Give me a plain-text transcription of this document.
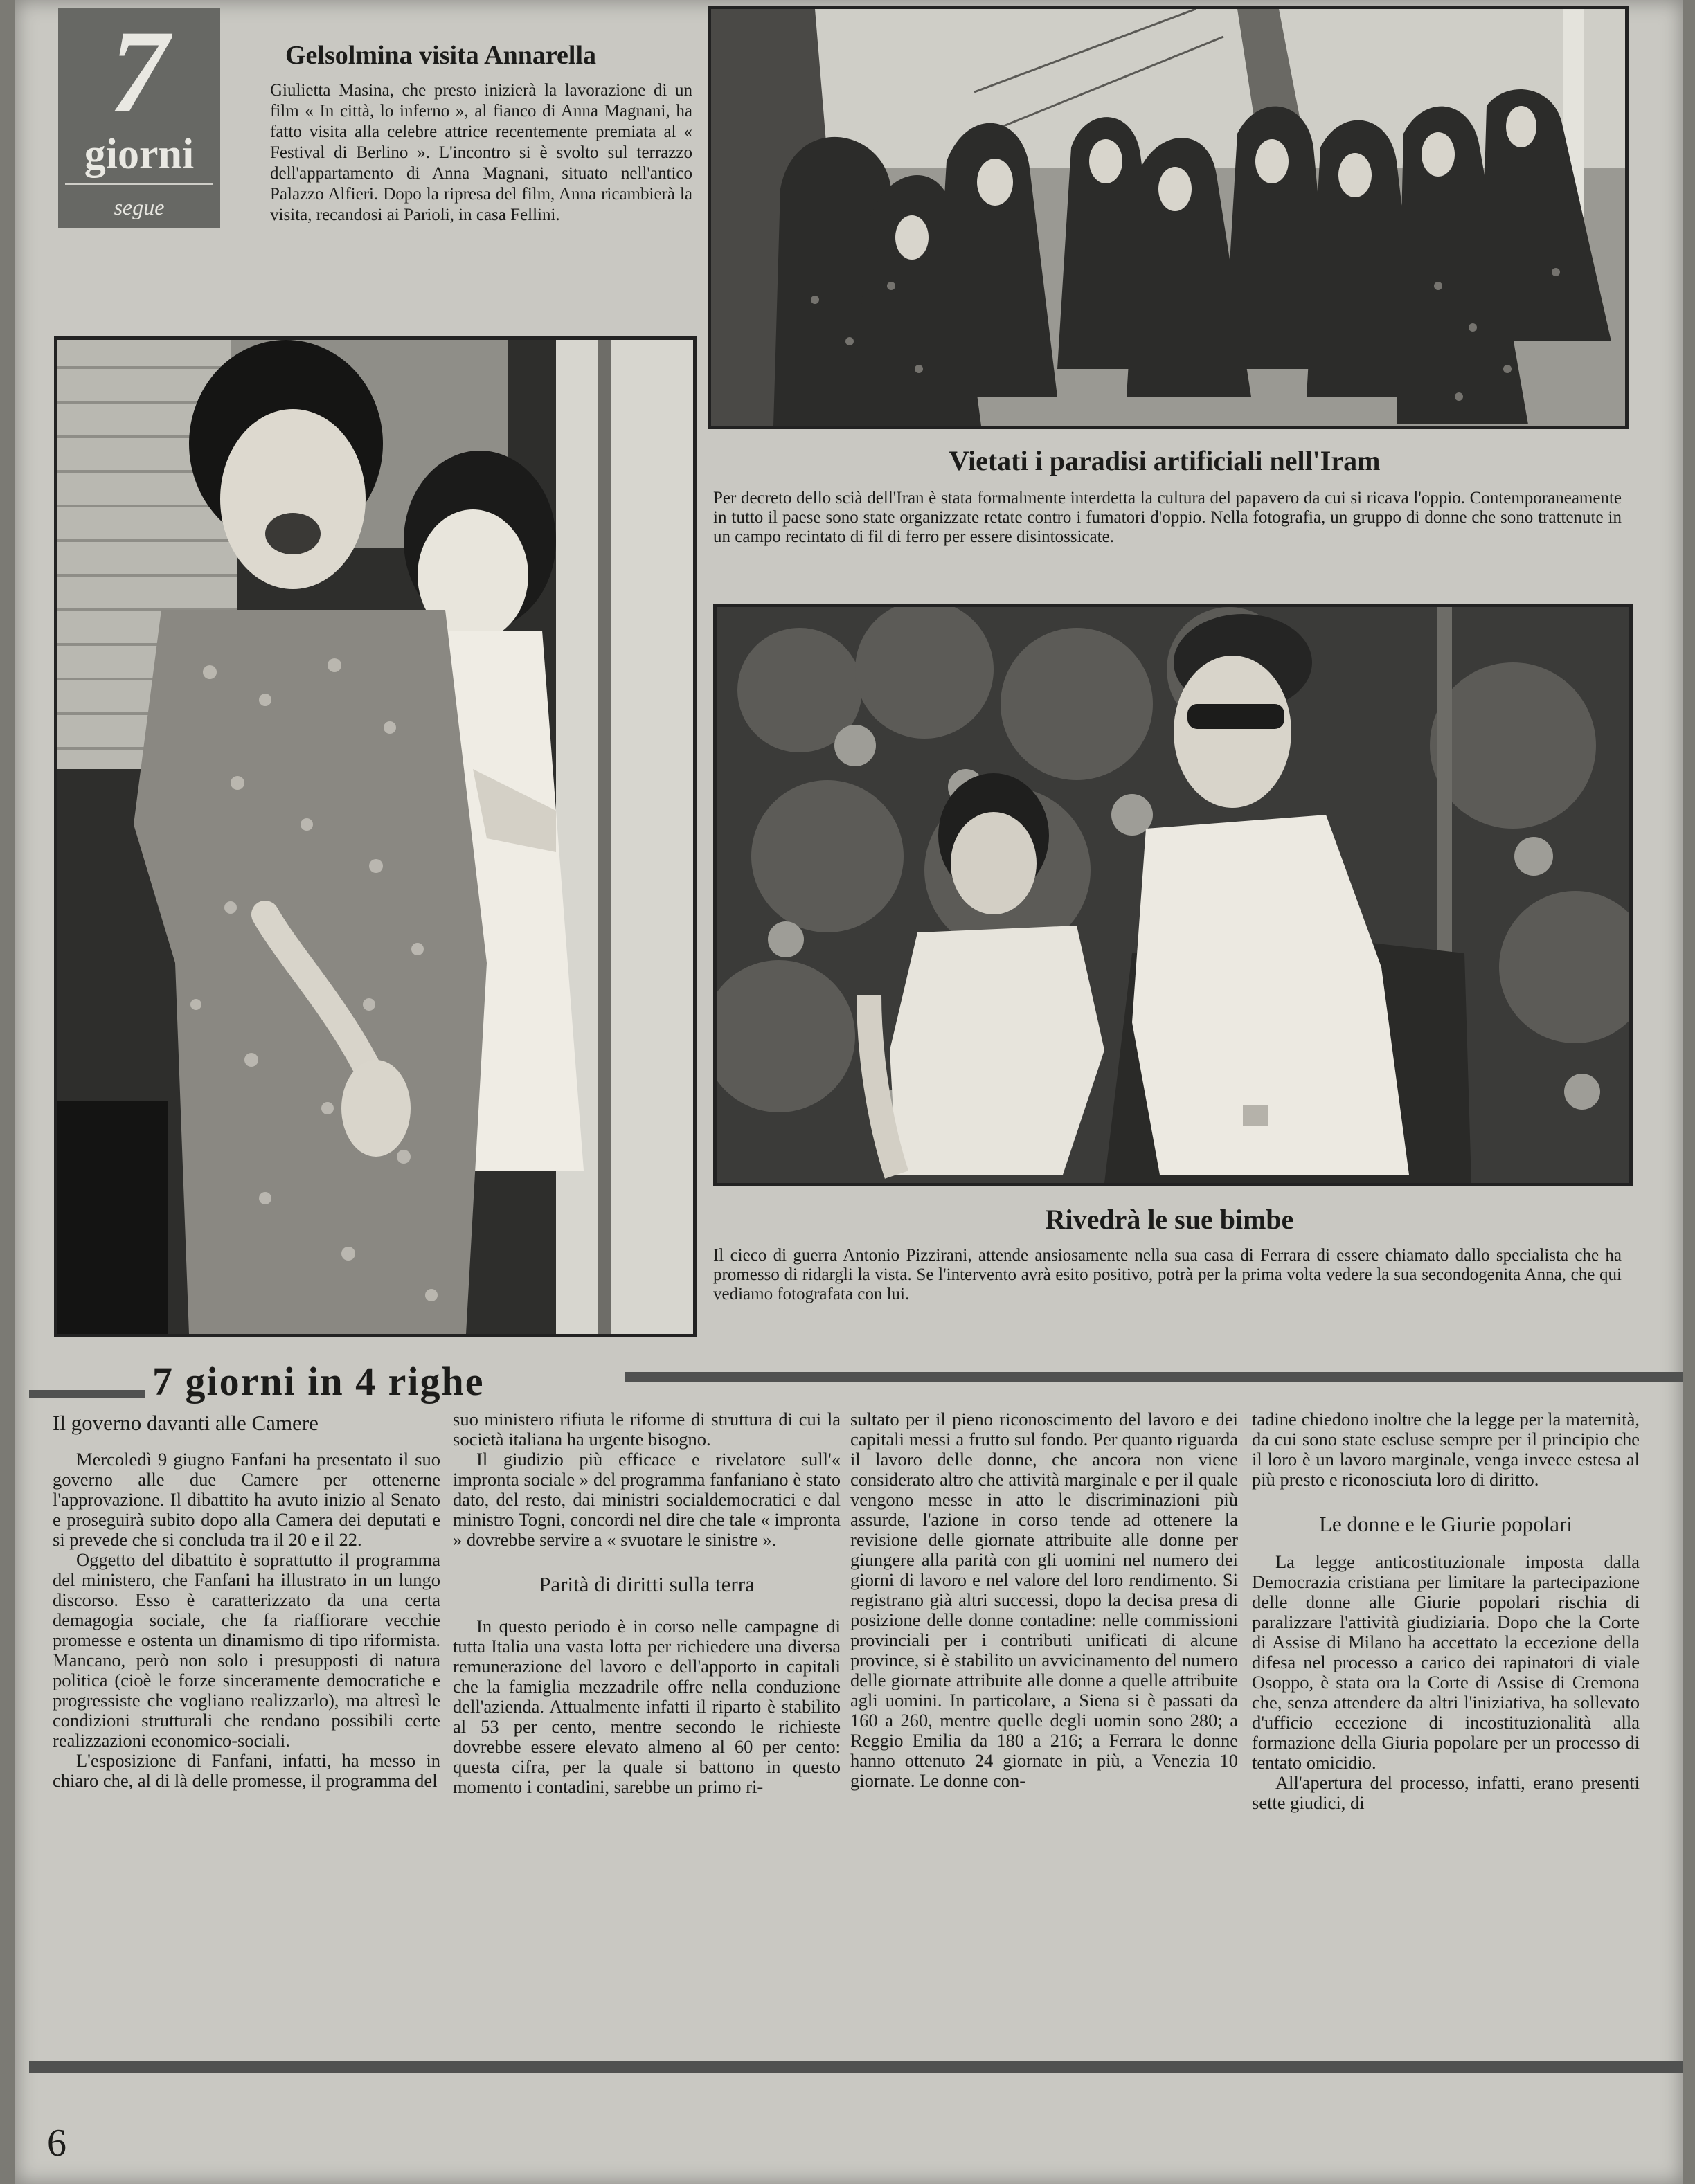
7
giorni
segue
Gelsolmina visita Annarella

Giulietta Masina, che presto inizierà la lavorazione di un film « In città, lo inferno », al fianco di Anna Magnani, ha fatto visita alla celebre attrice recentemente premiata al « Festival di Berlino ». L'incontro si è svolto sul terrazzo dell'appartamento di Anna Magnani, situato nell'antico Palazzo Alfieri. Dopo la ripresa del film, Anna ricambierà la visita, recandosi ai Parioli, in casa Fellini.

Vietati i paradisi artificiali nell'Iram

Per decreto dello scià dell'Iran è stata formalmente interdetta la cultura del papavero da cui si ricava l'oppio. Contemporaneamente in tutto il paese sono state organizzate retate contro i fumatori d'oppio. Nella fotografia, un gruppo di donne che sono trattenute in un campo recintato di fil di ferro per essere disintossicate.

Rivedrà le sue bimbe

Il cieco di guerra Antonio Pizzirani, attende ansiosamente nella sua casa di Ferrara di essere chiamato dallo specialista che ha promesso di ridargli la vista. Se l'intervento avrà esito positivo, potrà per la prima volta vedere la sua secondogenita Anna, che qui vediamo fotografata con lui.

7 giorni in 4 righe
Il governo davanti alle Camere

Mercoledì 9 giugno Fanfani ha presentato il suo governo alle due Camere per ottenerne l'approvazione. Il dibattito ha avuto inizio al Senato e proseguirà subito dopo alla Camera dei deputati e si prevede che si concluda tra il 20 e il 22.

Oggetto del dibattito è soprattutto il programma del ministero, che Fanfani ha illustrato in un lungo discorso. Esso è caratterizzato da una certa demagogia sociale, che fa riaffiorare vecchie promesse e ostenta un dinamismo di tipo riformista. Mancano, però non solo i presupposti di natura politica (cioè le forze sinceramente democratiche e progressiste che vogliano realizzarlo), ma altresì le condizioni strutturali che rendano possibili certe realizzazioni economico-sociali.

L'esposizione di Fanfani, infatti, ha messo in chiaro che, al di là delle promesse, il programma del

suo ministero rifiuta le riforme di struttura di cui la società italiana ha urgente bisogno.

Il giudizio più efficace e rivelatore sull'« impronta sociale » del programma fanfaniano è stato dato, del resto, dai ministri socialdemocratici e dal ministro Togni, concordi nel dire che tale « impronta » dovrebbe servire a « svuotare le sinistre ».

Parità di diritti sulla terra

In questo periodo è in corso nelle campagne di tutta Italia una vasta lotta per richiedere una diversa remunerazione del lavoro e dell'apporto in capitali che la famiglia mezzadrile offre nella conduzione dell'azienda. Attualmente infatti il riparto è stabilito al 53 per cento, mentre secondo le richieste dovrebbe essere elevato almeno al 60 per cento: questa cifra, per la quale si battono in questo momento i contadini, sarebbe un primo ri-

sultato per il pieno riconoscimento del lavoro e dei capitali messi a frutto sul fondo. Per quanto riguarda il lavoro delle donne, che ancora non viene considerato altro che attività marginale e per il quale vengono messe in atto le discriminazioni più assurde, l'azione in corso tende ad ottenere la revisione delle giornate attribuite alle donne per giungere alla parità con gli uomini nel numero dei giorni di lavoro e nel valore del loro rendimento. Si registrano già altri successi, dopo la decisa presa di posizione delle donne contadine: nelle commissioni provinciali per i contributi unificati di alcune province, si è stabilito un avvicinamento del numero delle giornate attribuite alle donne a quelle attribuite agli uomini. In particolare, a Siena si è passati da 160 a 260, mentre quelle degli uomin sono 280; a Reggio Emilia da 180 a 216; a Ferrara le donne hanno ottenuto 24 giornate in più, a Venezia 10 giornate. Le donne con-

tadine chiedono inoltre che la legge per la maternità, da cui sono state escluse sempre per il principio che il loro è un lavoro marginale, venga invece estesa al più presto e riconosciuta loro di diritto.

Le donne e le Giurie popolari

La legge anticostituzionale imposta dalla Democrazia cristiana per limitare la partecipazione delle donne alle Giurie popolari rischia di paralizzare l'attività giudiziaria. Dopo che la Corte di Assise di Milano ha accettato la eccezione della difesa nel processo a carico dei rapinatori di viale Osoppo, è stata ora la Corte di Assise di Cremona che, senza attendere da altri l'iniziativa, ha sollevato d'ufficio eccezione di incostituzionalità alla formazione della Giuria popolare per un processo di tentato omicidio.

All'apertura del processo, infatti, erano presenti sette giudici, di

6
